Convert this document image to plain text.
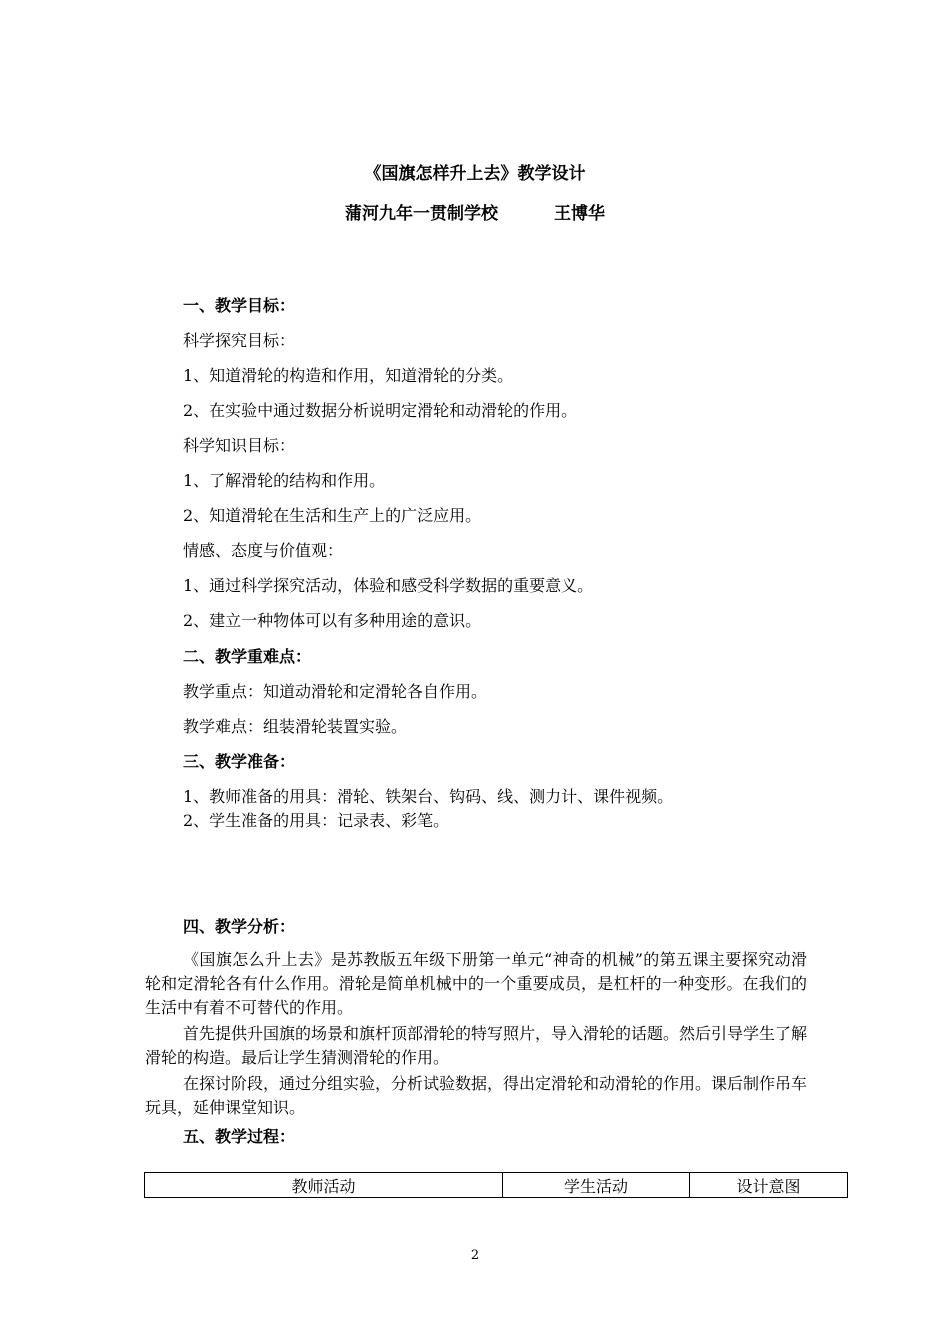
《国旗怎样升上去》教学设计
蒲河九年一贯制学校	王博华
一、教学目标：
科学探究目标：
1、知道滑轮的构造和作用，知道滑轮的分类。
2、在实验中通过数据分析说明定滑轮和动滑轮的作用。
科学知识目标：
1、了解滑轮的结构和作用。
2、知道滑轮在生活和生产上的广泛应用。
情感、态度与价值观：
1、通过科学探究活动，体验和感受科学数据的重要意义。
2、建立一种物体可以有多种用途的意识。
二、教学重难点：
教学重点：知道动滑轮和定滑轮各自作用。
教学难点：组装滑轮装置实验。
三、教学准备：
1、教师准备的用具：滑轮、铁架台、钩码、线、测力计、课件视频。
2、学生准备的用具：记录表、彩笔。
四、教学分析：
《国旗怎么升上去》是苏教版五年级下册第一单元“神奇的机械”的第五课主要探究动滑轮和定滑轮各有什么作用。滑轮是简单机械中的一个重要成员，是杠杆的一种变形。在我们的生活中有着不可替代的作用。
首先提供升国旗的场景和旗杆顶部滑轮的特写照片，导入滑轮的话题。然后引导学生了解滑轮的构造。最后让学生猜测滑轮的作用。
在探讨阶段，通过分组实验，分析试验数据，得出定滑轮和动滑轮的作用。课后制作吊车玩具，延伸课堂知识。
五、教学过程：
教师活动	学生活动	设计意图
2
